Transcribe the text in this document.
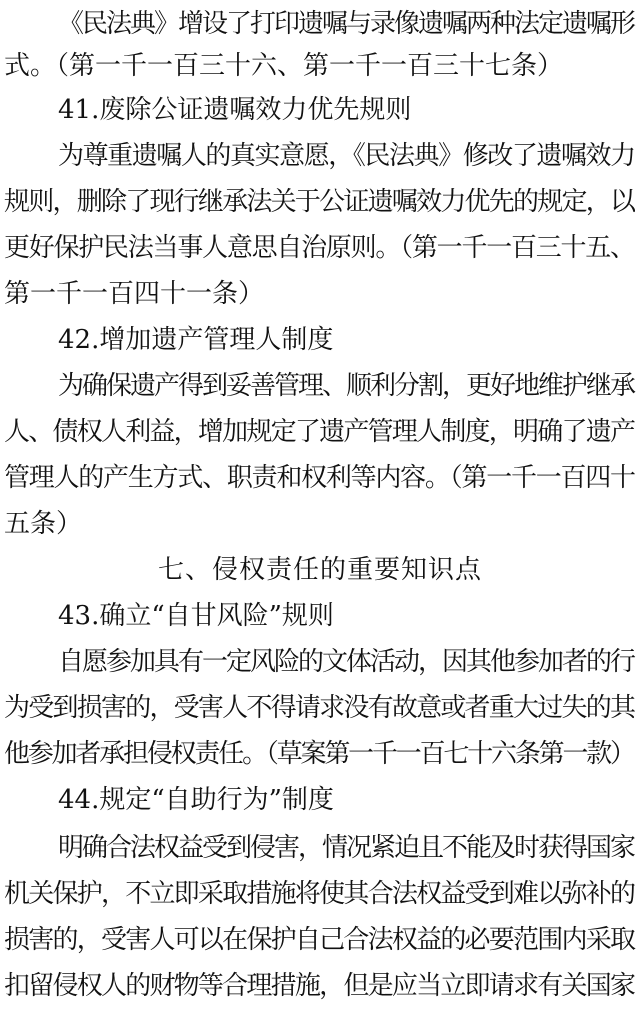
《民法典》增设了打印遗嘱与录像遗嘱两种法定遗嘱形
式。（第一千一百三十六、第一千一百三十七条）
41.废除公证遗嘱效力优先规则
为尊重遗嘱人的真实意愿，《民法典》修改了遗嘱效力
规则，删除了现行继承法关于公证遗嘱效力优先的规定，以
更好保护民法当事人意思自治原则。（第一千一百三十五、
第一千一百四十一条）
42.增加遗产管理人制度
为确保遗产得到妥善管理、顺利分割，更好地维护继承
人、债权人利益，增加规定了遗产管理人制度，明确了遗产
管理人的产生方式、职责和权利等内容。（第一千一百四十
五条）
七、侵权责任的重要知识点
43.确立“自甘风险”规则
自愿参加具有一定风险的文体活动，因其他参加者的行
为受到损害的，受害人不得请求没有故意或者重大过失的其
他参加者承担侵权责任。（草案第一千一百七十六条第一款）
44.规定“自助行为”制度
明确合法权益受到侵害，情况紧迫且不能及时获得国家
机关保护，不立即采取措施将使其合法权益受到难以弥补的
损害的，受害人可以在保护自己合法权益的必要范围内采取
扣留侵权人的财物等合理措施，但是应当立即请求有关国家
